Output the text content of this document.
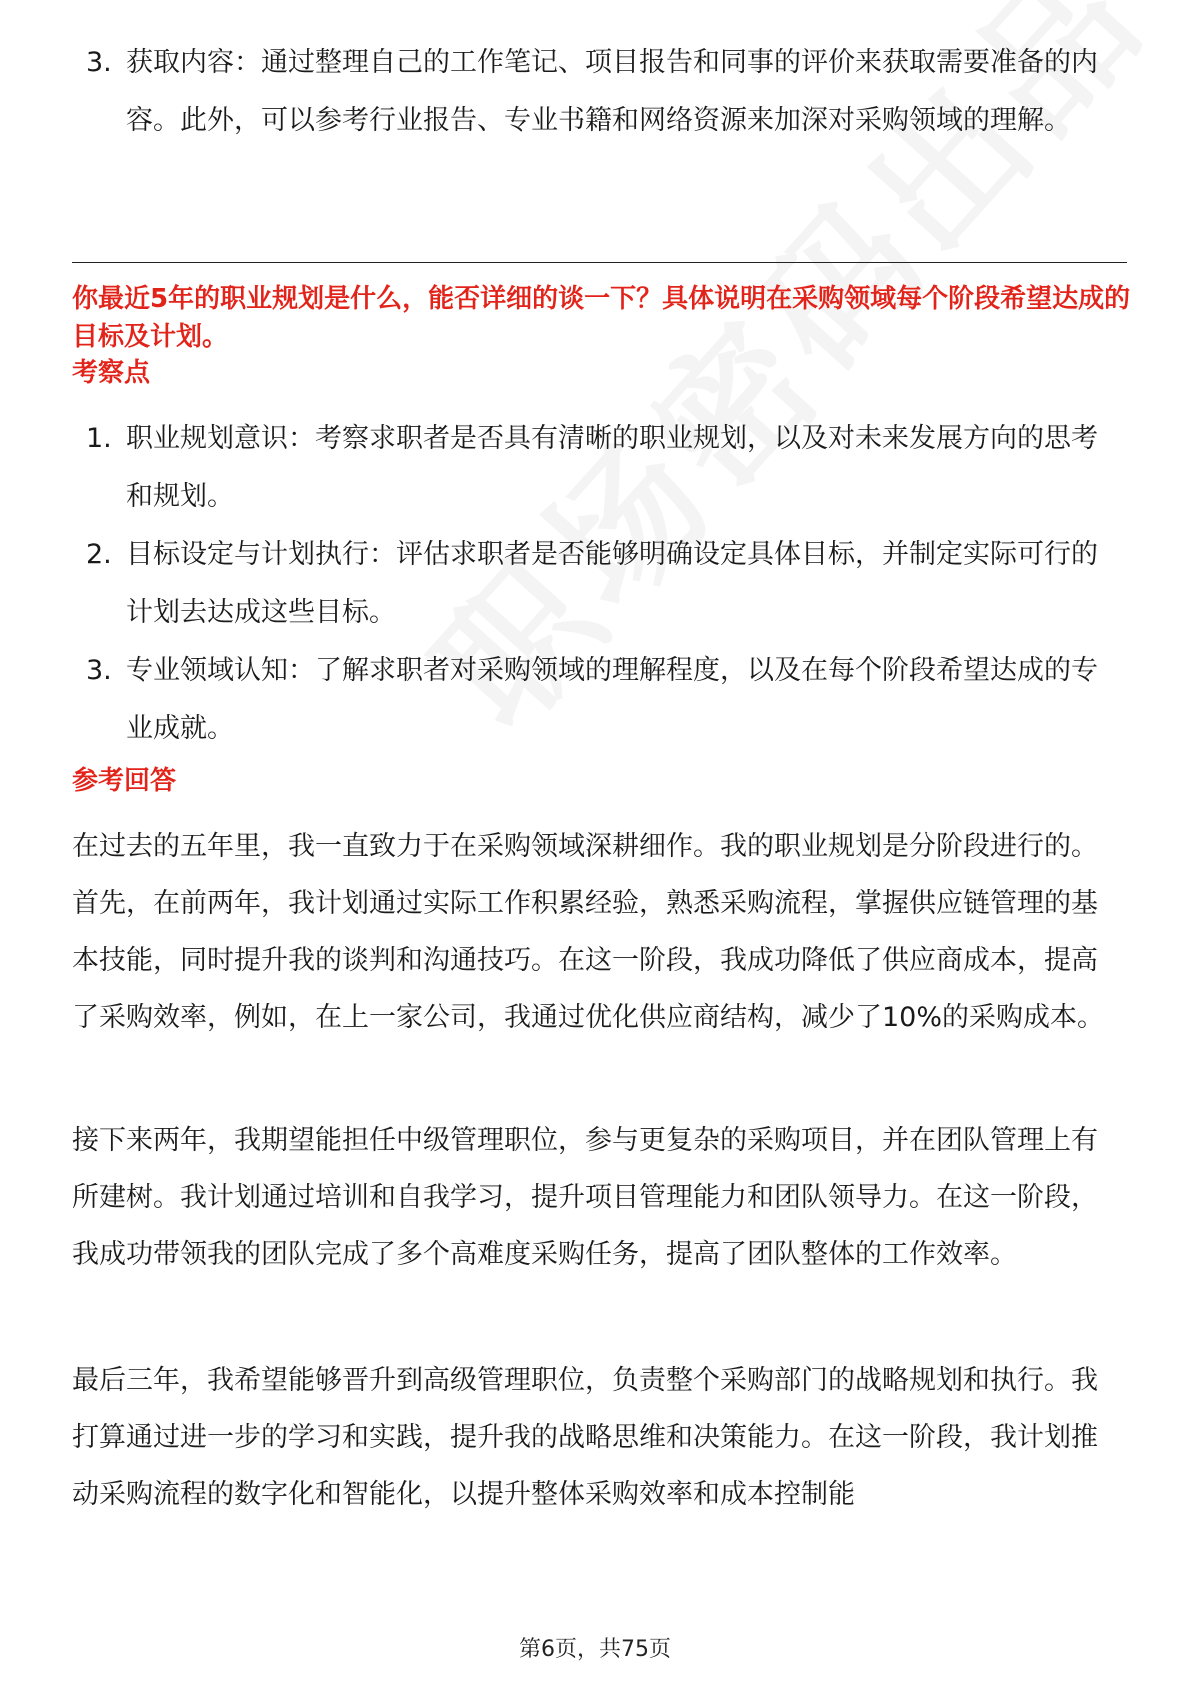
3. 获取内容：通过整理自己的工作笔记、项目报告和同事的评价来获取需要准备的内容。此外，可以参考行业报告、专业书籍和网络资源来加深对采购领域的理解。
你最近5年的职业规划是什么，能否详细的谈一下？具体说明在采购领域每个阶段希望达成的目标及计划。
考察点
1. 职业规划意识：考察求职者是否具有清晰的职业规划，以及对未来发展方向的思考和规划。
2. 目标设定与计划执行：评估求职者是否能够明确设定具体目标，并制定实际可行的计划去达成这些目标。
3. 专业领域认知：了解求职者对采购领域的理解程度，以及在每个阶段希望达成的专业成就。
参考回答

在过去的五年里，我一直致力于在采购领域深耕细作。我的职业规划是分阶段进行的。首先，在前两年，我计划通过实际工作积累经验，熟悉采购流程，掌握供应链管理的基本技能，同时提升我的谈判和沟通技巧。在这一阶段，我成功降低了供应商成本，提高了采购效率，例如，在上一家公司，我通过优化供应商结构，减少了10%的采购成本。

接下来两年，我期望能担任中级管理职位，参与更复杂的采购项目，并在团队管理上有所建树。我计划通过培训和自我学习，提升项目管理能力和团队领导力。在这一阶段，我成功带领我的团队完成了多个高难度采购任务，提高了团队整体的工作效率。

最后三年，我希望能够晋升到高级管理职位，负责整个采购部门的战略规划和执行。我打算通过进一步的学习和实践，提升我的战略思维和决策能力。在这一阶段，我计划推动采购流程的数字化和智能化，以提升整体采购效率和成本控制能

第6页，共75页
